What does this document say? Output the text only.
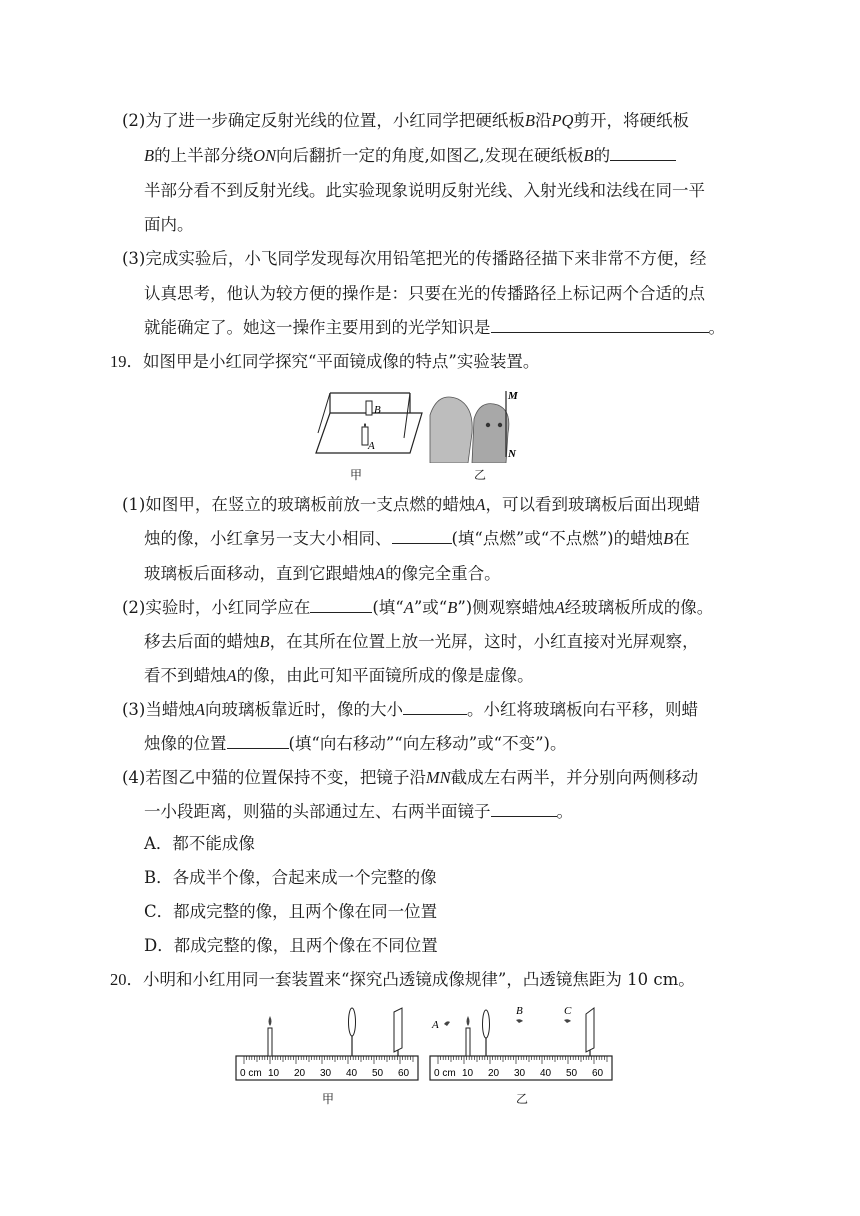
(2)为了进一步确定反射光线的位置，小红同学把硬纸板B沿PQ剪开，将硬纸板
B的上半部分绕ON向后翻折一定的角度,如图乙,发现在硬纸板B的
半部分看不到反射光线。此实验现象说明反射光线、入射光线和法线在同一平
面内。
(3)完成实验后，小飞同学发现每次用铅笔把光的传播路径描下来非常不方便，经
认真思考，他认为较方便的操作是：只要在光的传播路径上标记两个合适的点
就能确定了。她这一操作主要用到的光学知识是	。
19．如图甲是小红同学探究“平面镜成像的特点”实验装置。
B
A
甲
M
N
乙
(1)如图甲，在竖立的玻璃板前放一支点燃的蜡烛A，可以看到玻璃板后面出现蜡
烛的像，小红拿另一支大小相同、	(填“点燃”或“不点燃”)的蜡烛B在
玻璃板后面移动，直到它跟蜡烛A的像完全重合。
(2)实验时，小红同学应在	(填“A”或“B”)侧观察蜡烛A经玻璃板所成的像。
移去后面的蜡烛B，在其所在位置上放一光屏，这时，小红直接对光屏观察，
看不到蜡烛A的像，由此可知平面镜所成的像是虚像。
(3)当蜡烛A向玻璃板靠近时，像的大小	。小红将玻璃板向右平移，则蜡
烛像的位置	(填“向右移动”“向左移动”或“不变”)。
(4)若图乙中猫的位置保持不变，把镜子沿MN截成左右两半，并分别向两侧移动
一小段距离，则猫的头部通过左、右两半面镜子	。
A．都不能成像
B．各成半个像，合起来成一个完整的像
C．都成完整的像，且两个像在同一位置
D．都成完整的像，且两个像在不同位置
20．小明和小红用同一套装置来“探究凸透镜成像规律”，凸透镜焦距为 10 cm。
0 cm 10 20 30 40 50 60
甲
A
B	C
0 cm 10 20 30 40 50 60
乙
